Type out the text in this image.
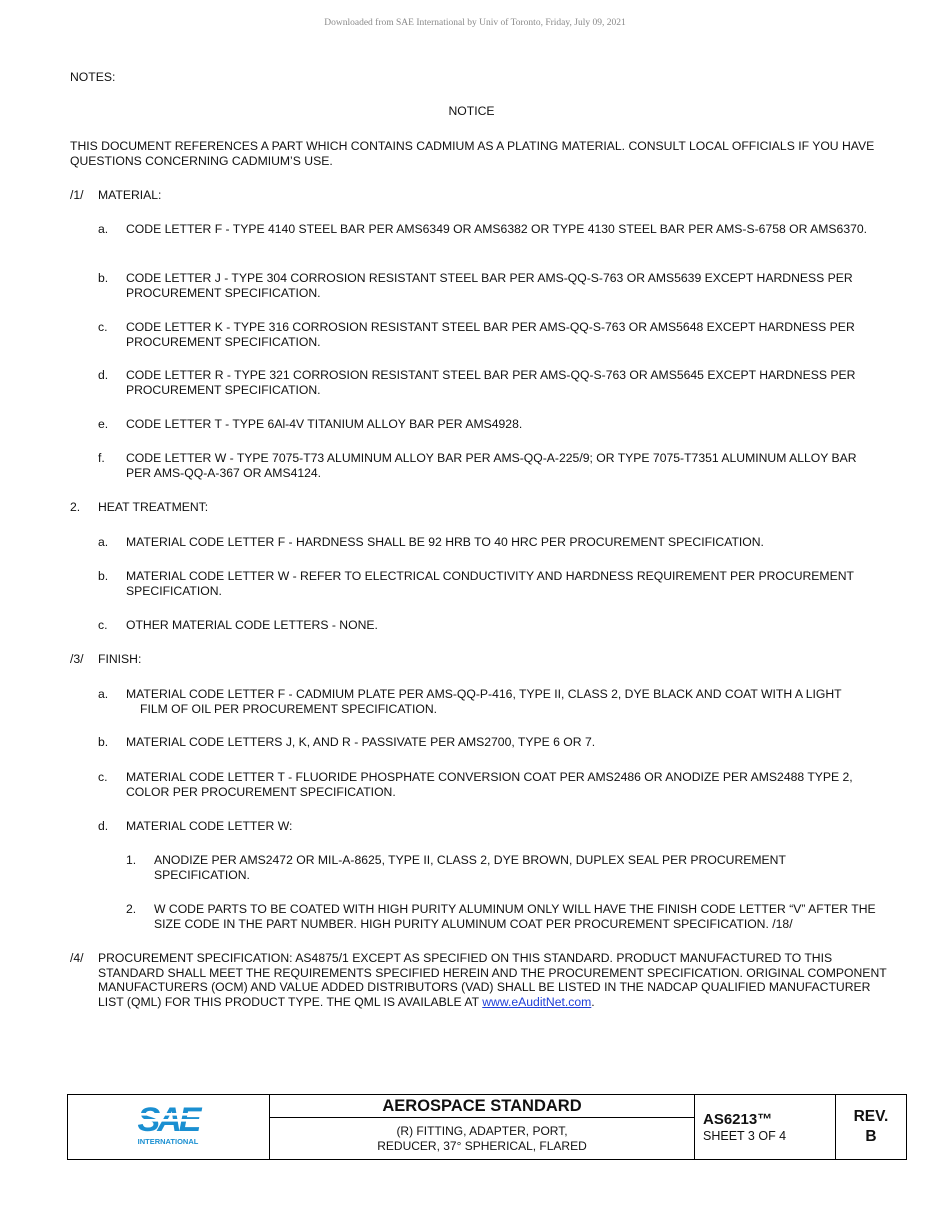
Downloaded from SAE International by Univ of Toronto, Friday, July 09, 2021
NOTES:
NOTICE
THIS DOCUMENT REFERENCES A PART WHICH CONTAINS CADMIUM AS A PLATING MATERIAL. CONSULT LOCAL OFFICIALS IF YOU HAVE QUESTIONS CONCERNING CADMIUM’S USE.
/1/ MATERIAL:
a. CODE LETTER F - TYPE 4140 STEEL BAR PER AMS6349 OR AMS6382 OR TYPE 4130 STEEL BAR PER AMS-S-6758 OR AMS6370.
b. CODE LETTER J - TYPE 304 CORROSION RESISTANT STEEL BAR PER AMS-QQ-S-763 OR AMS5639 EXCEPT HARDNESS PER PROCUREMENT SPECIFICATION.
c. CODE LETTER K - TYPE 316 CORROSION RESISTANT STEEL BAR PER AMS-QQ-S-763 OR AMS5648 EXCEPT HARDNESS PER PROCUREMENT SPECIFICATION.
d. CODE LETTER R - TYPE 321 CORROSION RESISTANT STEEL BAR PER AMS-QQ-S-763 OR AMS5645 EXCEPT HARDNESS PER PROCUREMENT SPECIFICATION.
e. CODE LETTER T - TYPE 6Al-4V TITANIUM ALLOY BAR PER AMS4928.
f. CODE LETTER W - TYPE 7075-T73 ALUMINUM ALLOY BAR PER AMS-QQ-A-225/9; OR TYPE 7075-T7351 ALUMINUM ALLOY BAR PER AMS-QQ-A-367 OR AMS4124.
2. HEAT TREATMENT:
a. MATERIAL CODE LETTER F - HARDNESS SHALL BE 92 HRB TO 40 HRC PER PROCUREMENT SPECIFICATION.
b. MATERIAL CODE LETTER W - REFER TO ELECTRICAL CONDUCTIVITY AND HARDNESS REQUIREMENT PER PROCUREMENT SPECIFICATION.
c. OTHER MATERIAL CODE LETTERS - NONE.
/3/ FINISH:
a. MATERIAL CODE LETTER F - CADMIUM PLATE PER AMS-QQ-P-416, TYPE II, CLASS 2, DYE BLACK AND COAT WITH A LIGHT
FILM OF OIL PER PROCUREMENT SPECIFICATION.
b. MATERIAL CODE LETTERS J, K, AND R - PASSIVATE PER AMS2700, TYPE 6 OR 7.
c. MATERIAL CODE LETTER T - FLUORIDE PHOSPHATE CONVERSION COAT PER AMS2486 OR ANODIZE PER AMS2488 TYPE 2, COLOR PER PROCUREMENT SPECIFICATION.
d. MATERIAL CODE LETTER W:
1. ANODIZE PER AMS2472 OR MIL-A-8625, TYPE II, CLASS 2, DYE BROWN, DUPLEX SEAL PER PROCUREMENT SPECIFICATION.
2. W CODE PARTS TO BE COATED WITH HIGH PURITY ALUMINUM ONLY WILL HAVE THE FINISH CODE LETTER “V” AFTER THE SIZE CODE IN THE PART NUMBER. HIGH PURITY ALUMINUM COAT PER PROCUREMENT SPECIFICATION. /18/
/4/ PROCUREMENT SPECIFICATION: AS4875/1 EXCEPT AS SPECIFIED ON THIS STANDARD. PRODUCT MANUFACTURED TO THIS STANDARD SHALL MEET THE REQUIREMENTS SPECIFIED HEREIN AND THE PROCUREMENT SPECIFICATION. ORIGINAL COMPONENT MANUFACTURERS (OCM) AND VALUE ADDED DISTRIBUTORS (VAD) SHALL BE LISTED IN THE NADCAP QUALIFIED MANUFACTURER LIST (QML) FOR THIS PRODUCT TYPE. THE QML IS AVAILABLE AT www.eAuditNet.com.
INTERNATIONAL
AEROSPACE STANDARD
(R) FITTING, ADAPTER, PORT,
REDUCER, 37° SPHERICAL, FLARED
AS6213™
SHEET 3 OF 4
REV.
B
